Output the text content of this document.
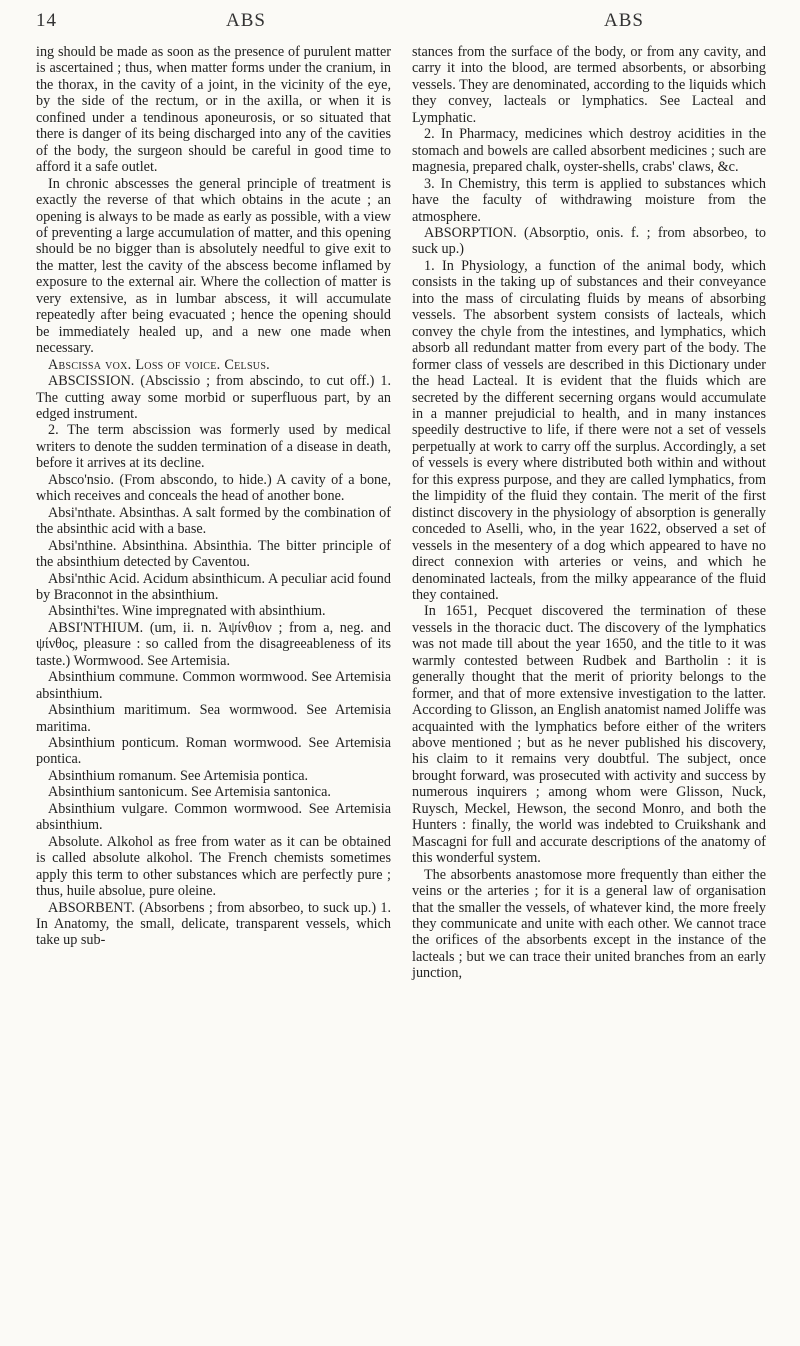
14	ABS	ABS

ing should be made as soon as the presence of purulent matter is ascertained ; thus, when matter forms under the cranium, in the thorax, in the cavity of a joint, in the vicinity of the eye, by the side of the rectum, or in the axilla, or when it is confined under a tendinous aponeurosis, or so situated that there is danger of its being discharged into any of the cavities of the body, the surgeon should be careful in good time to afford it a safe outlet.

In chronic abscesses the general principle of treatment is exactly the reverse of that which obtains in the acute ; an opening is always to be made as early as possible, with a view of preventing a large accumulation of matter, and this opening should be no bigger than is absolutely needful to give exit to the matter, lest the cavity of the abscess become inflamed by exposure to the external air. Where the collection of matter is very extensive, as in lumbar abscess, it will accumulate repeatedly after being evacuated ; hence the opening should be immediately healed up, and a new one made when necessary.

Abscissa vox. Loss of voice. Celsus.

ABSCISSION. (Abscissio ; from abscindo, to cut off.) 1. The cutting away some morbid or superfluous part, by an edged instrument.

2. The term abscission was formerly used by medical writers to denote the sudden termination of a disease in death, before it arrives at its decline.

Absco'nsio. (From abscondo, to hide.) A cavity of a bone, which receives and conceals the head of another bone.

Absi'nthate. Absinthas. A salt formed by the combination of the absinthic acid with a base.

Absi'nthine. Absinthina. Absinthia. The bitter principle of the absinthium detected by Caventou.

Absi'nthic Acid. Acidum absinthicum. A peculiar acid found by Braconnot in the absinthium.

Absinthi'tes. Wine impregnated with absinthium.

ABSI'NTHIUM. (um, ii. n. Ἀψίνθιον ; from a, neg. and ψίνθος, pleasure : so called from the disagreeableness of its taste.) Wormwood. See Artemisia.

Absinthium commune. Common wormwood. See Artemisia absinthium.

Absinthium maritimum. Sea wormwood. See Artemisia maritima.

Absinthium ponticum. Roman wormwood. See Artemisia pontica.

Absinthium romanum. See Artemisia pontica.

Absinthium santonicum. See Artemisia santonica.

Absinthium vulgare. Common wormwood. See Artemisia absinthium.

Absolute. Alkohol as free from water as it can be obtained is called absolute alkohol. The French chemists sometimes apply this term to other substances which are perfectly pure ; thus, huile absolue, pure oleine.

ABSORBENT. (Absorbens ; from absorbeo, to suck up.) 1. In Anatomy, the small, delicate, transparent vessels, which take up sub-

stances from the surface of the body, or from any cavity, and carry it into the blood, are termed absorbents, or absorbing vessels. They are denominated, according to the liquids which they convey, lacteals or lymphatics. See Lacteal and Lymphatic.

2. In Pharmacy, medicines which destroy acidities in the stomach and bowels are called absorbent medicines ; such are magnesia, prepared chalk, oyster-shells, crabs' claws, &c.

3. In Chemistry, this term is applied to substances which have the faculty of withdrawing moisture from the atmosphere.

ABSORPTION. (Absorptio, onis. f. ; from absorbeo, to suck up.)

1. In Physiology, a function of the animal body, which consists in the taking up of substances and their conveyance into the mass of circulating fluids by means of absorbing vessels. The absorbent system consists of lacteals, which convey the chyle from the intestines, and lymphatics, which absorb all redundant matter from every part of the body. The former class of vessels are described in this Dictionary under the head Lacteal. It is evident that the fluids which are secreted by the different secerning organs would accumulate in a manner prejudicial to health, and in many instances speedily destructive to life, if there were not a set of vessels perpetually at work to carry off the surplus. Accordingly, a set of vessels is every where distributed both within and without for this express purpose, and they are called lymphatics, from the limpidity of the fluid they contain. The merit of the first distinct discovery in the physiology of absorption is generally conceded to Aselli, who, in the year 1622, observed a set of vessels in the mesentery of a dog which appeared to have no direct connexion with arteries or veins, and which he denominated lacteals, from the milky appearance of the fluid they contained.

In 1651, Pecquet discovered the termination of these vessels in the thoracic duct. The discovery of the lymphatics was not made till about the year 1650, and the title to it was warmly contested between Rudbek and Bartholin : it is generally thought that the merit of priority belongs to the former, and that of more extensive investigation to the latter. According to Glisson, an English anatomist named Joliffe was acquainted with the lymphatics before either of the writers above mentioned ; but as he never published his discovery, his claim to it remains very doubtful. The subject, once brought forward, was prosecuted with activity and success by numerous inquirers ; among whom were Glisson, Nuck, Ruysch, Meckel, Hewson, the second Monro, and both the Hunters : finally, the world was indebted to Cruikshank and Mascagni for full and accurate descriptions of the anatomy of this wonderful system.

The absorbents anastomose more frequently than either the veins or the arteries ; for it is a general law of organisation that the smaller the vessels, of whatever kind, the more freely they communicate and unite with each other. We cannot trace the orifices of the absorbents except in the instance of the lacteals ; but we can trace their united branches from an early junction,
